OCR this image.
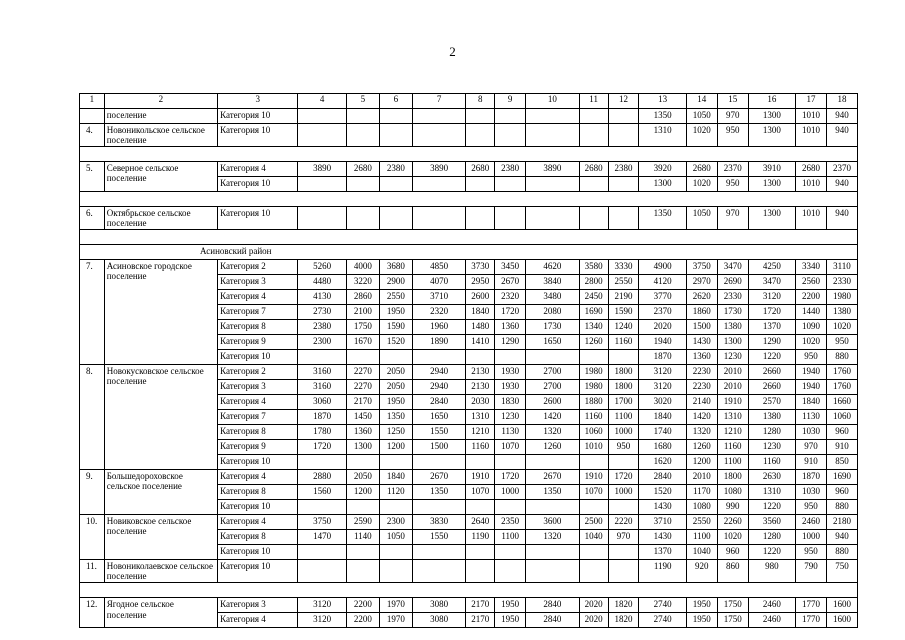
2
1	2	3	4	5	6	7	8	9	10	11	12	13	14	15	16	17	18
	поселение	Категория 10										1350	1050	970	1300	1010	940
4.	Новоникольское сельское поселение	Категория 10										1310	1020	950	1300	1010	940

5.	Северное сельское поселение	Категория 4	3890	2680	2380	3890	2680	2380	3890	2680	2380	3920	2680	2370	3910	2680	2370
		Категория 10										1300	1020	950	1300	1010	940

6.	Октябрьское сельское поселение	Категория 10										1350	1050	970	1300	1010	940

Асиновский район																	
7.	Асиновское городское поселение	Категория 2	5260	4000	3680	4850	3730	3450	4620	3580	3330	4900	3750	3470	4250	3340	3110
		Категория 3	4480	3220	2900	4070	2950	2670	3840	2800	2550	4120	2970	2690	3470	2560	2330
		Категория 4	4130	2860	2550	3710	2600	2320	3480	2450	2190	3770	2620	2330	3120	2200	1980
		Категория 7	2730	2100	1950	2320	1840	1720	2080	1690	1590	2370	1860	1730	1720	1440	1380
		Категория 8	2380	1750	1590	1960	1480	1360	1730	1340	1240	2020	1500	1380	1370	1090	1020
		Категория 9	2300	1670	1520	1890	1410	1290	1650	1260	1160	1940	1430	1300	1290	1020	950
		Категория 10										1870	1360	1230	1220	950	880
8.	Новокусковское сельское поселение	Категория 2	3160	2270	2050	2940	2130	1930	2700	1980	1800	3120	2230	2010	2660	1940	1760
		Категория 3	3160	2270	2050	2940	2130	1930	2700	1980	1800	3120	2230	2010	2660	1940	1760
		Категория 4	3060	2170	1950	2840	2030	1830	2600	1880	1700	3020	2140	1910	2570	1840	1660
		Категория 7	1870	1450	1350	1650	1310	1230	1420	1160	1100	1840	1420	1310	1380	1130	1060
		Категория 8	1780	1360	1250	1550	1210	1130	1320	1060	1000	1740	1320	1210	1280	1030	960
		Категория 9	1720	1300	1200	1500	1160	1070	1260	1010	950	1680	1260	1160	1230	970	910
		Категория 10										1620	1200	1100	1160	910	850
9.	Большедороховское сельское поселение	Категория 4	2880	2050	1840	2670	1910	1720	2670	1910	1720	2840	2010	1800	2630	1870	1690
		Категория 8	1560	1200	1120	1350	1070	1000	1350	1070	1000	1520	1170	1080	1310	1030	960
		Категория 10										1430	1080	990	1220	950	880
10.	Новиковское сельское поселение	Категория 4	3750	2590	2300	3830	2640	2350	3600	2500	2220	3710	2550	2260	3560	2460	2180
		Категория 8	1470	1140	1050	1550	1190	1100	1320	1040	970	1430	1100	1020	1280	1000	940
		Категория 10										1370	1040	960	1220	950	880
11.	Новониколаевское сельское поселение	Категория 10										1190	920	860	980	790	750

12.	Ягодное сельское поселение	Категория 3	3120	2200	1970	3080	2170	1950	2840	2020	1820	2740	1950	1750	2460	1770	1600
		Категория 4	3120	2200	1970	3080	2170	1950	2840	2020	1820	2740	1950	1750	2460	1770	1600
